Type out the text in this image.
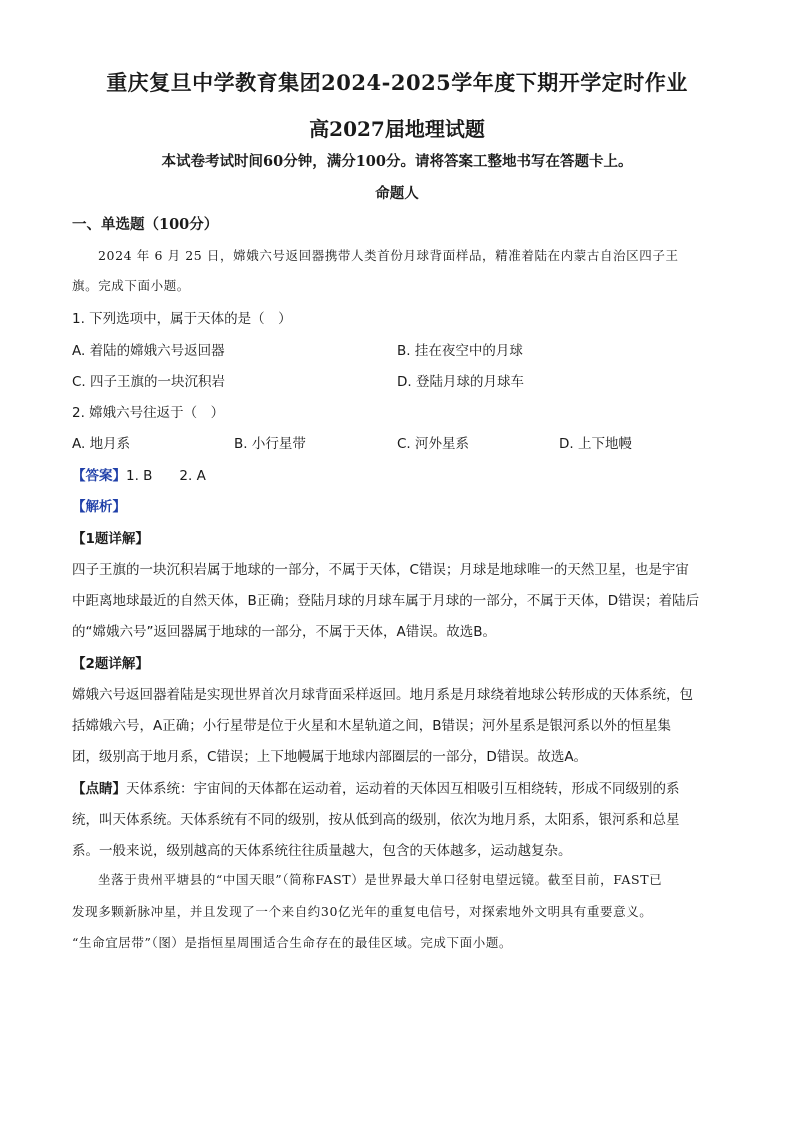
重庆复旦中学教育集团2024-2025学年度下期开学定时作业
高2027届地理试题
本试卷考试时间60分钟，满分100分。请将答案工整地书写在答题卡上。
命题人
一、单选题（100分）
2024 年 6 月 25 日，嫦娥六号返回器携带人类首份月球背面样品，精准着陆在内蒙古自治区四子王
旗。完成下面小题。
1. 下列选项中，属于天体的是（　）
A. 着陆的嫦娥六号返回器	B. 挂在夜空中的月球
C. 四子王旗的一块沉积岩	D. 登陆月球的月球车
2. 嫦娥六号往返于（　）
A. 地月系	B. 小行星带	C. 河外星系	D. 上下地幔
【答案】1. B　　2. A
【解析】
【1题详解】
四子王旗的一块沉积岩属于地球的一部分，不属于天体，C错误；月球是地球唯一的天然卫星，也是宇宙
中距离地球最近的自然天体，B正确；登陆月球的月球车属于月球的一部分，不属于天体，D错误；着陆后
的“嫦娥六号”返回器属于地球的一部分，不属于天体，A错误。故选B。
【2题详解】
嫦娥六号返回器着陆是实现世界首次月球背面采样返回。地月系是月球绕着地球公转形成的天体系统，包
括嫦娥六号，A正确；小行星带是位于火星和木星轨道之间，B错误；河外星系是银河系以外的恒星集
团，级别高于地月系，C错误；上下地幔属于地球内部圈层的一部分，D错误。故选A。
【点睛】天体系统：宇宙间的天体都在运动着，运动着的天体因互相吸引互相绕转，形成不同级别的系
统，叫天体系统。天体系统有不同的级别，按从低到高的级别，依次为地月系，太阳系，银河系和总星
系。一般来说，级别越高的天体系统往往质量越大，包含的天体越多，运动越复杂。
坐落于贵州平塘县的“中国天眼”（简称FAST）是世界最大单口径射电望远镜。截至目前，FAST已
发现多颗新脉冲星，并且发现了一个来自约30亿光年的重复电信号，对探索地外文明具有重要意义。
“生命宜居带”（图）是指恒星周围适合生命存在的最佳区域。完成下面小题。
